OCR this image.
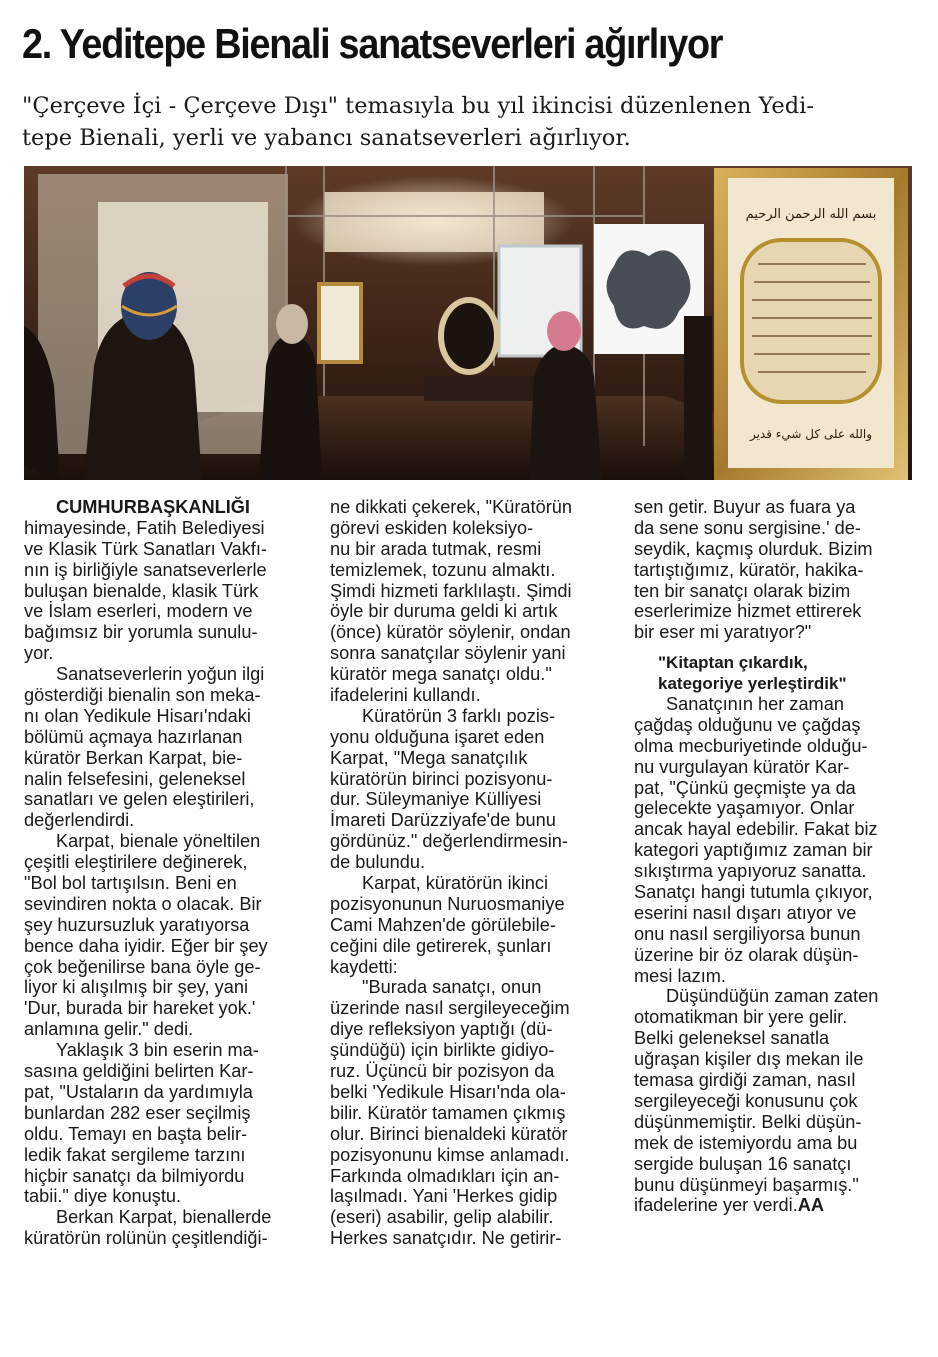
2. Yeditepe Bienali sanatseverleri ağırlıyor
"Çerçeve İçi - Çerçeve Dışı" temasıyla bu yıl ikincisi düzenlenen Yedi-
tepe Bienali, yerli ve yabancı sanatseverleri ağırlıyor.
بسم الله الرحمن الرحيم
والله على كل شيء قدير
CUMHURBAŞKANLIĞI
himayesinde, Fatih Belediyesi
ve Klasik Türk Sanatları Vakfı-
nın iş birliğiyle sanatseverlerle
buluşan bienalde, klasik Türk
ve İslam eserleri, modern ve
bağımsız bir yorumla sunulu-
yor.
Sanatseverlerin yoğun ilgi
gösterdiği bienalin son meka-
nı olan Yedikule Hisarı'ndaki
bölümü açmaya hazırlanan
küratör Berkan Karpat, bie-
nalin felsefesini, geleneksel
sanatları ve gelen eleştirileri,
değerlendirdi.
Karpat, bienale yöneltilen
çeşitli eleştirilere değinerek,
"Bol bol tartışılsın. Beni en
sevindiren nokta o olacak. Bir
şey huzursuzluk yaratıyorsa
bence daha iyidir. Eğer bir şey
çok beğenilirse bana öyle ge-
liyor ki alışılmış bir şey, yani
'Dur, burada bir hareket yok.'
anlamına gelir." dedi.
Yaklaşık 3 bin eserin ma-
sasına geldiğini belirten Kar-
pat, "Ustaların da yardımıyla
bunlardan 282 eser seçilmiş
oldu. Temayı en başta belir-
ledik fakat sergileme tarzını
hiçbir sanatçı da bilmiyordu
tabii." diye konuştu.
Berkan Karpat, bienallerde
küratörün rolünün çeşitlendiği-
ne dikkati çekerek, "Küratörün
görevi eskiden koleksiyo-
nu bir arada tutmak, resmi
temizlemek, tozunu almaktı.
Şimdi hizmeti farklılaştı. Şimdi
öyle bir duruma geldi ki artık
(önce) küratör söylenir, ondan
sonra sanatçılar söylenir yani
küratör mega sanatçı oldu."
ifadelerini kullandı.
Küratörün 3 farklı pozis-
yonu olduğuna işaret eden
Karpat, "Mega sanatçılık
küratörün birinci pozisyonu-
dur. Süleymaniye Külliyesi
İmareti Darüzziyafe'de bunu
gördünüz." değerlendirmesin-
de bulundu.
Karpat, küratörün ikinci
pozisyonunun Nuruosmaniye
Cami Mahzen'de görülebile-
ceğini dile getirerek, şunları
kaydetti:
"Burada sanatçı, onun
üzerinde nasıl sergileyeceğim
diye refleksiyon yaptığı (dü-
şündüğü) için birlikte gidiyo-
ruz. Üçüncü bir pozisyon da
belki 'Yedikule Hisarı'nda ola-
bilir. Küratör tamamen çıkmış
olur. Birinci bienaldeki küratör
pozisyonunu kimse anlamadı.
Farkında olmadıkları için an-
laşılmadı. Yani 'Herkes gidip
(eseri) asabilir, gelip alabilir.
Herkes sanatçıdır. Ne getirir-
sen getir. Buyur as fuara ya
da sene sonu sergisine.' de-
seydik, kaçmış olurduk. Bizim
tartıştığımız, küratör, hakika-
ten bir sanatçı olarak bizim
eserlerimize hizmet ettirerek
bir eser mi yaratıyor?"
"Kitaptan çıkardık,
kategoriye yerleştirdik"
Sanatçının her zaman
çağdaş olduğunu ve çağdaş
olma mecburiyetinde olduğu-
nu vurgulayan küratör Kar-
pat, "Çünkü geçmişte ya da
gelecekte yaşamıyor. Onlar
ancak hayal edebilir. Fakat biz
kategori yaptığımız zaman bir
sıkıştırma yapıyoruz sanatta.
Sanatçı hangi tutumla çıkıyor,
eserini nasıl dışarı atıyor ve
onu nasıl sergiliyorsa bunun
üzerine bir öz olarak düşün-
mesi lazım.
Düşündüğün zaman zaten
otomatikman bir yere gelir.
Belki geleneksel sanatla
uğraşan kişiler dış mekan ile
temasa girdiği zaman, nasıl
sergileyeceği konusunu çok
düşünmemiştir. Belki düşün-
mek de istemiyordu ama bu
sergide buluşan 16 sanatçı
bunu düşünmeyi başarmış."
ifadelerine yer verdi.AA
